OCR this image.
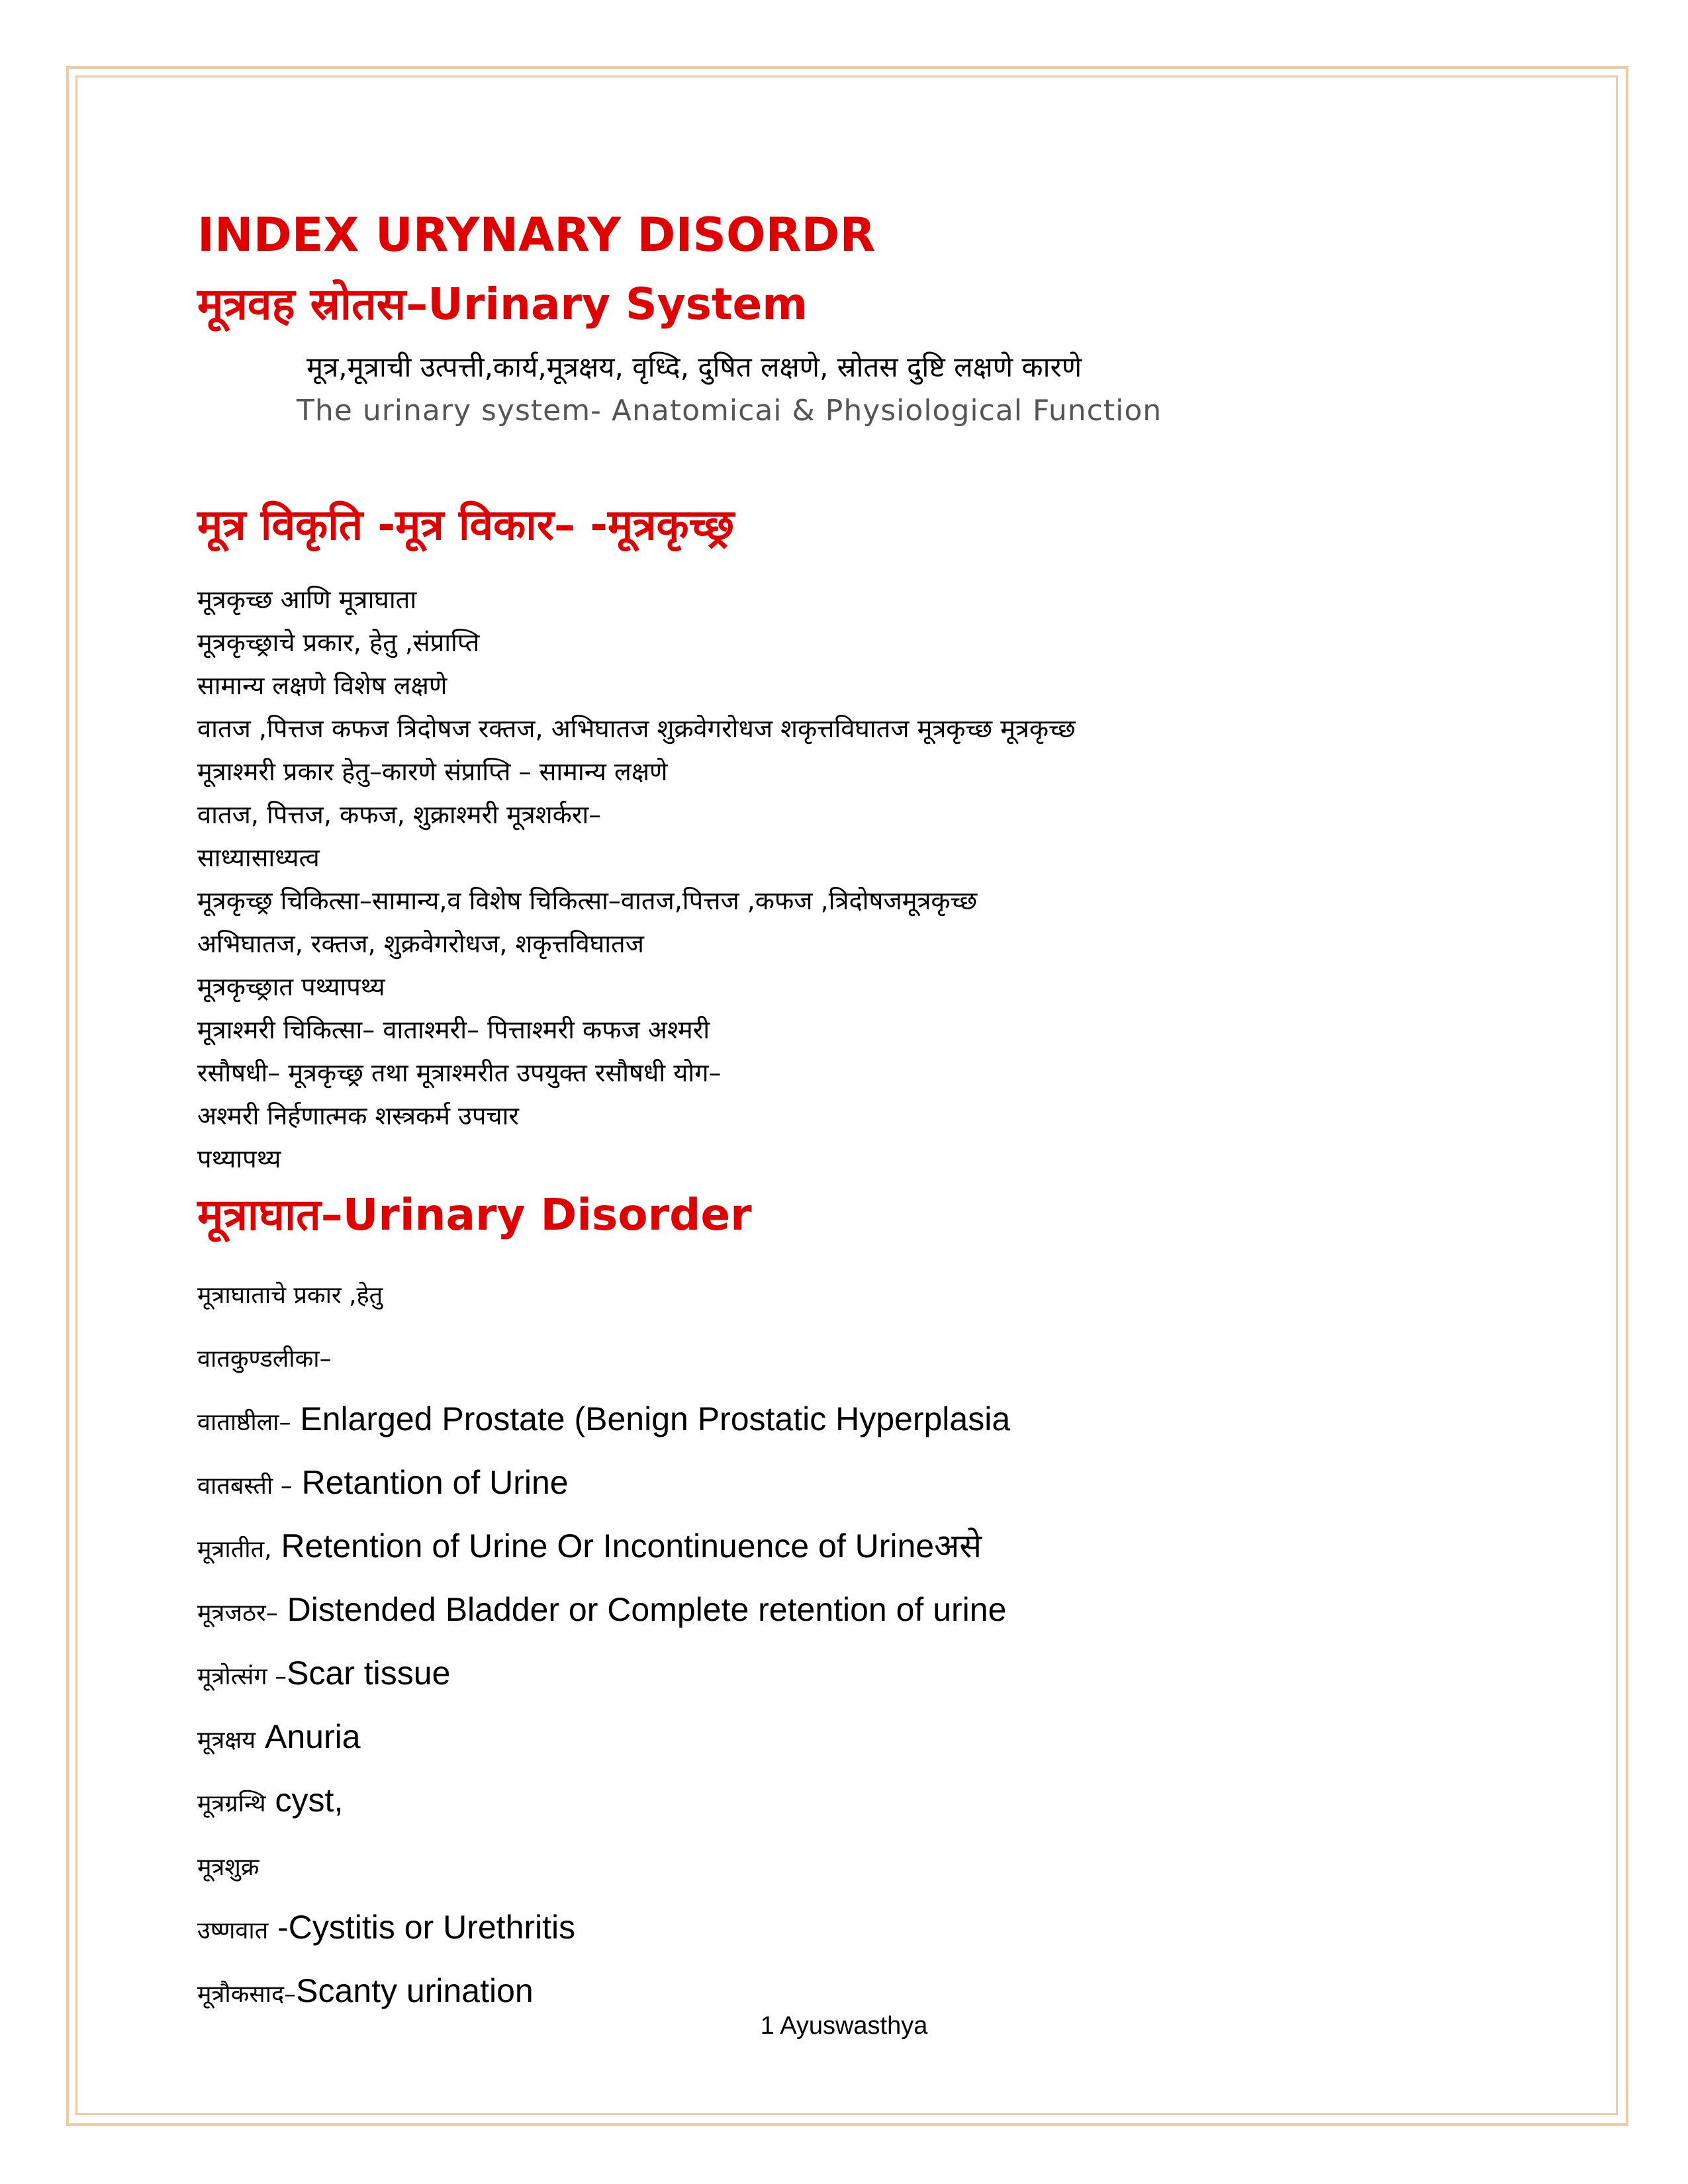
INDEX URYNARY DISORDR
मूत्रवह स्रोतस–Urinary System
मूत्र,मूत्राची उत्पत्ती,कार्य,मूत्रक्षय, वृध्दि, दुषित लक्षणे, स्रोतस दुष्टि लक्षणे कारणे
The urinary system- Anatomicai & Physiological Function
मूत्र विकृति -मूत्र विकार– -मूत्रकृच्छ्र
मूत्रकृच्छ आणि मूत्राघाता
मूत्रकृच्छ्राचे प्रकार, हेतु ,संप्राप्ति
सामान्य लक्षणे विशेष लक्षणे
वातज ,पित्तज कफज त्रिदोषज रक्तज, अभिघातज शुक्रवेगरोधज शकृत्तविघातज मूत्रकृच्छ मूत्रकृच्छ
मूत्राश्मरी प्रकार हेतु–कारणे संप्राप्ति – सामान्य लक्षणे
वातज, पित्तज, कफज, शुक्राश्मरी मूत्रशर्करा–
साध्यासाध्यत्व
मूत्रकृच्छ्र चिकित्सा–सामान्य,व विशेष चिकित्सा–वातज,पित्तज ,कफज ,त्रिदोषजमूत्रकृच्छ
अभिघातज, रक्तज, शुक्रवेगरोधज, शकृत्तविघातज
मूत्रकृच्छ्रात पथ्यापथ्य
मूत्राश्मरी चिकित्सा– वाताश्मरी– पित्ताश्मरी कफज अश्मरी
रसौषधी– मूत्रकृच्छ्र तथा मूत्राश्मरीत उपयुक्त रसौषधी योग–
अश्मरी निर्हणात्मक शस्त्रकर्म उपचार
पथ्यापथ्य
मूत्राघात–Urinary Disorder
मूत्राघाताचे प्रकार ,हेतु
वातकुण्डलीका–
वाताष्ठीला– Enlarged Prostate (Benign Prostatic Hyperplasia
वातबस्ती – Retantion of Urine
मूत्रातीत, Retention of Urine Or Incontinuence of Urineअसे
मूत्रजठर– Distended Bladder or Complete retention of urine
मूत्रोत्संग –Scar tissue
मूत्रक्षय Anuria
मूत्रग्रन्थि cyst,
मूत्रशुक्र
उष्णवात -Cystitis or Urethritis
मूत्रौकसाद–Scanty urination
1 Ayuswasthya
